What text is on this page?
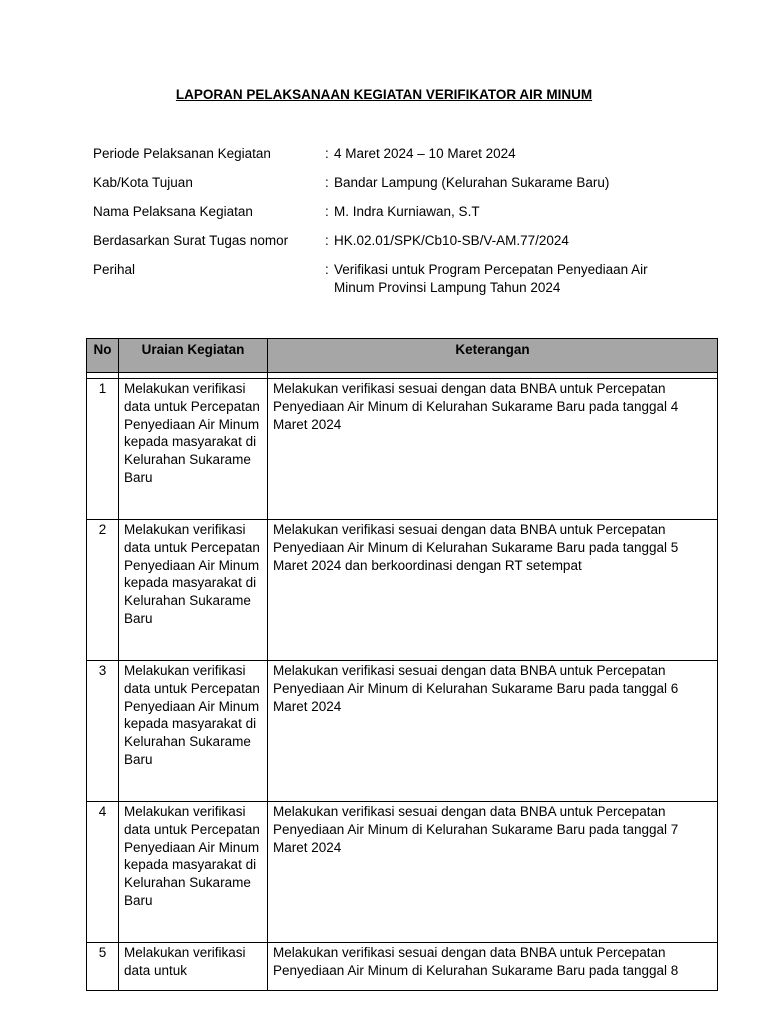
LAPORAN PELAKSANAAN KEGIATAN VERIFIKATOR AIR MINUM
Periode Pelaksanan Kegiatan	: 4 Maret 2024 – 10 Maret 2024
Kab/Kota Tujuan	: Bandar Lampung (Kelurahan Sukarame Baru)
Nama Pelaksana Kegiatan	: M. Indra Kurniawan, S.T
Berdasarkan Surat Tugas nomor	: HK.02.01/SPK/Cb10-SB/V-AM.77/2024
Perihal	: Verifikasi untuk Program Percepatan Penyediaan Air Minum Provinsi Lampung Tahun 2024
No	Uraian Kegiatan	Keterangan

1	Melakukan verifikasi data untuk Percepatan Penyediaan Air Minum kepada masyarakat di Kelurahan Sukarame Baru	Melakukan verifikasi sesuai dengan data BNBA untuk Percepatan Penyediaan Air Minum di Kelurahan Sukarame Baru pada tanggal 4 Maret 2024
2	Melakukan verifikasi data untuk Percepatan Penyediaan Air Minum kepada masyarakat di Kelurahan Sukarame Baru	Melakukan verifikasi sesuai dengan data BNBA untuk Percepatan Penyediaan Air Minum di Kelurahan Sukarame Baru pada tanggal 5 Maret 2024 dan berkoordinasi dengan RT setempat
3	Melakukan verifikasi data untuk Percepatan Penyediaan Air Minum kepada masyarakat di Kelurahan Sukarame Baru	Melakukan verifikasi sesuai dengan data BNBA untuk Percepatan Penyediaan Air Minum di Kelurahan Sukarame Baru pada tanggal 6 Maret 2024
4	Melakukan verifikasi data untuk Percepatan Penyediaan Air Minum kepada masyarakat di Kelurahan Sukarame Baru	Melakukan verifikasi sesuai dengan data BNBA untuk Percepatan Penyediaan Air Minum di Kelurahan Sukarame Baru pada tanggal 7 Maret 2024
5	Melakukan verifikasi data untuk	Melakukan verifikasi sesuai dengan data BNBA untuk Percepatan Penyediaan Air Minum di Kelurahan Sukarame Baru pada tanggal 8
